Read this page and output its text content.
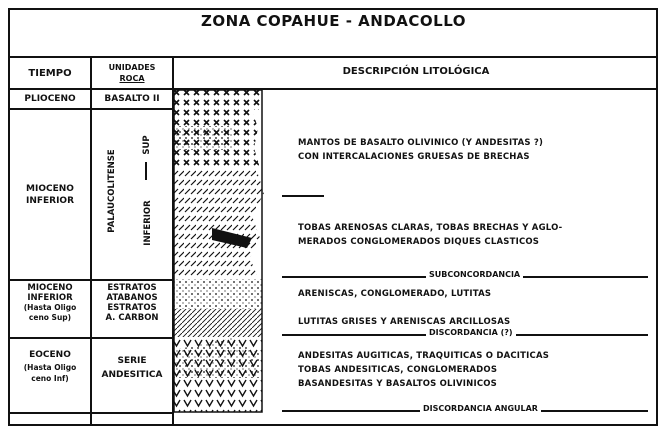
ZONA COPAHUE - ANDACOLLO
TIEMPO
UNIDADES
ROCA
DESCRIPCIÓN LITOLÓGICA
PLIOCENO	BASALTO II
MIOCENO
INFERIOR	PALAUCOLITENSE
SUP
INFERIOR
MANTOS DE BASALTO OLIVINICO (Y ANDESITAS ?)
CON INTERCALACIONES GRUESAS DE BRECHAS
TOBAS ARENOSAS CLARAS, TOBAS BRECHAS Y AGLO-
MERADOS CONGLOMERADOS DIQUES CLASTICOS
SUBCONCORDANCIA
MIOCENO
INFERIOR
(Hasta Oligo
ceno Sup)
ESTRATOS
ATABANOS
ESTRATOS
A. CARBON
ARENISCAS, CONGLOMERADO, LUTITAS
LUTITAS GRISES Y ARENISCAS ARCILLOSAS
DISCORDANCIA (?)
EOCENO
(Hasta Oligo
ceno Inf)
SERIE
ANDESITICA
ANDESITAS AUGITICAS, TRAQUITICAS O DACITICAS
TOBAS ANDESITICAS, CONGLOMERADOS
BASANDESITAS Y BASALTOS OLIVINICOS
DISCORDANCIA ANGULAR
